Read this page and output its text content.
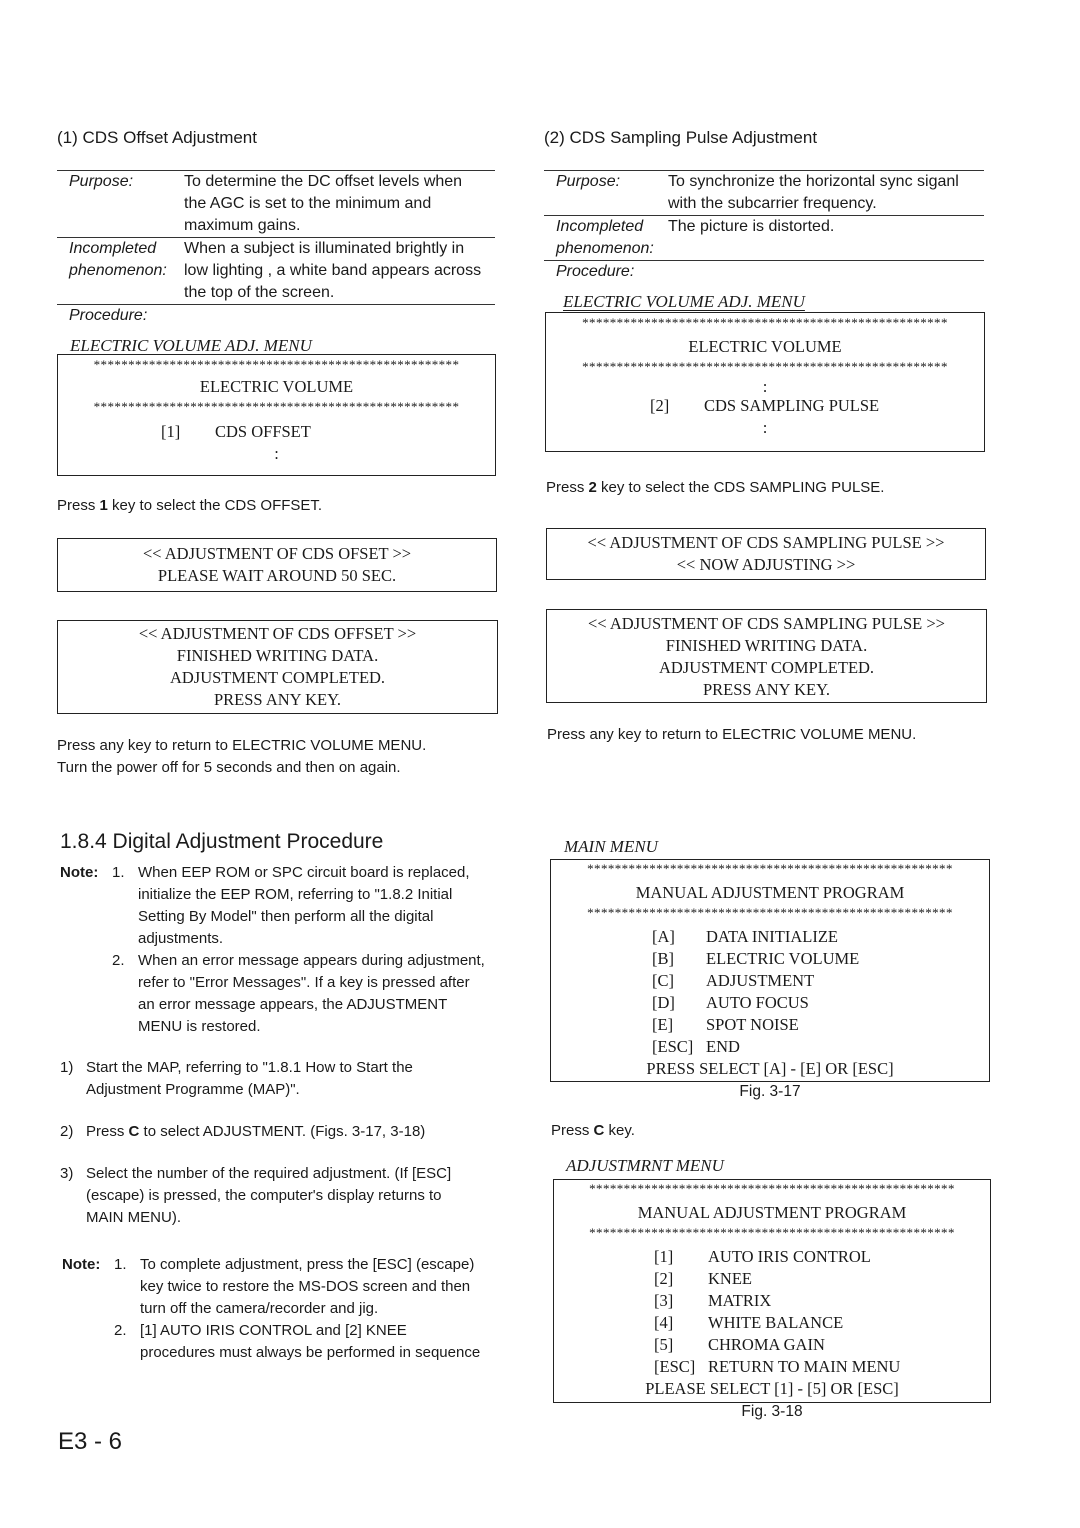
(1) CDS Offset Adjustment
Purpose:	To determine the DC offset levels when
the AGC is set to the minimum and
maximum gains.
Incompleted
phenomenon:
When a subject is illuminated brightly in
low lighting , a white band appears across
the top of the screen.
Procedure:
ELECTRIC VOLUME ADJ. MENU
*****************************************************
ELECTRIC VOLUME
*****************************************************
[1]	CDS OFFSET
:
Press 1 key to select the CDS OFFSET.
<< ADJUSTMENT OF CDS OFSET >>
PLEASE WAIT AROUND 50 SEC.
<< ADJUSTMENT OF CDS OFFSET >>
FINISHED WRITING DATA.
ADJUSTMENT COMPLETED.
PRESS ANY KEY.
Press any key to return to ELECTRIC VOLUME MENU.
Turn the power off for 5 seconds and then on again.
(2) CDS Sampling Pulse Adjustment
Purpose:	To synchronize the horizontal sync siganl
with the subcarrier frequency.
Incompleted
phenomenon:
The picture is distorted.
Procedure:
ELECTRIC VOLUME ADJ. MENU
*****************************************************
ELECTRIC VOLUME
*****************************************************
:
[2]	CDS SAMPLING PULSE
:
Press 2 key to select the CDS SAMPLING PULSE.
<< ADJUSTMENT OF CDS SAMPLING PULSE >>
<< NOW ADJUSTING >>
<< ADJUSTMENT OF CDS SAMPLING PULSE >>
FINISHED WRITING DATA.
ADJUSTMENT COMPLETED.
PRESS ANY KEY.
Press any key to return to ELECTRIC VOLUME MENU.
1.8.4 Digital Adjustment Procedure
Note: 1. When EEP ROM or SPC circuit board is replaced, initialize the EEP ROM, referring to "1.8.2 Initial Setting By Model" then perform all the digital adjustments.
2. When an error message appears during adjustment, refer to "Error Messages". If a key is pressed after an error message appears, the ADJUSTMENT MENU is restored.
1) Start the MAP, referring to "1.8.1 How to Start the Adjustment Programme (MAP)".
2) Press C to select ADJUSTMENT. (Figs. 3-17, 3-18)
3) Select the number of the required adjustment. (If [ESC] (escape) is pressed, the computer's display returns to MAIN MENU).
Note: 1. To complete adjustment, press the [ESC] (escape) key twice to restore the MS-DOS screen and then turn off the camera/recorder and jig.
2. [1] AUTO IRIS CONTROL and [2] KNEE procedures must always be performed in sequence
E3 - 6
MAIN MENU
*****************************************************
MANUAL ADJUSTMENT PROGRAM
*****************************************************
[A]	DATA INITIALIZE
[B]	ELECTRIC VOLUME
[C]	ADJUSTMENT
[D]	AUTO FOCUS
[E]	SPOT NOISE
[ESC] END
PRESS SELECT [A] - [E] OR [ESC]
Fig. 3-17
Press C key.
ADJUSTMRNT MENU
*****************************************************
MANUAL ADJUSTMENT PROGRAM
*****************************************************
[1]	AUTO IRIS CONTROL
[2]	KNEE
[3]	MATRIX
[4]	WHITE BALANCE
[5]	CHROMA GAIN
[ESC] RETURN TO MAIN MENU
PLEASE SELECT [1] - [5] OR [ESC]
Fig. 3-18
